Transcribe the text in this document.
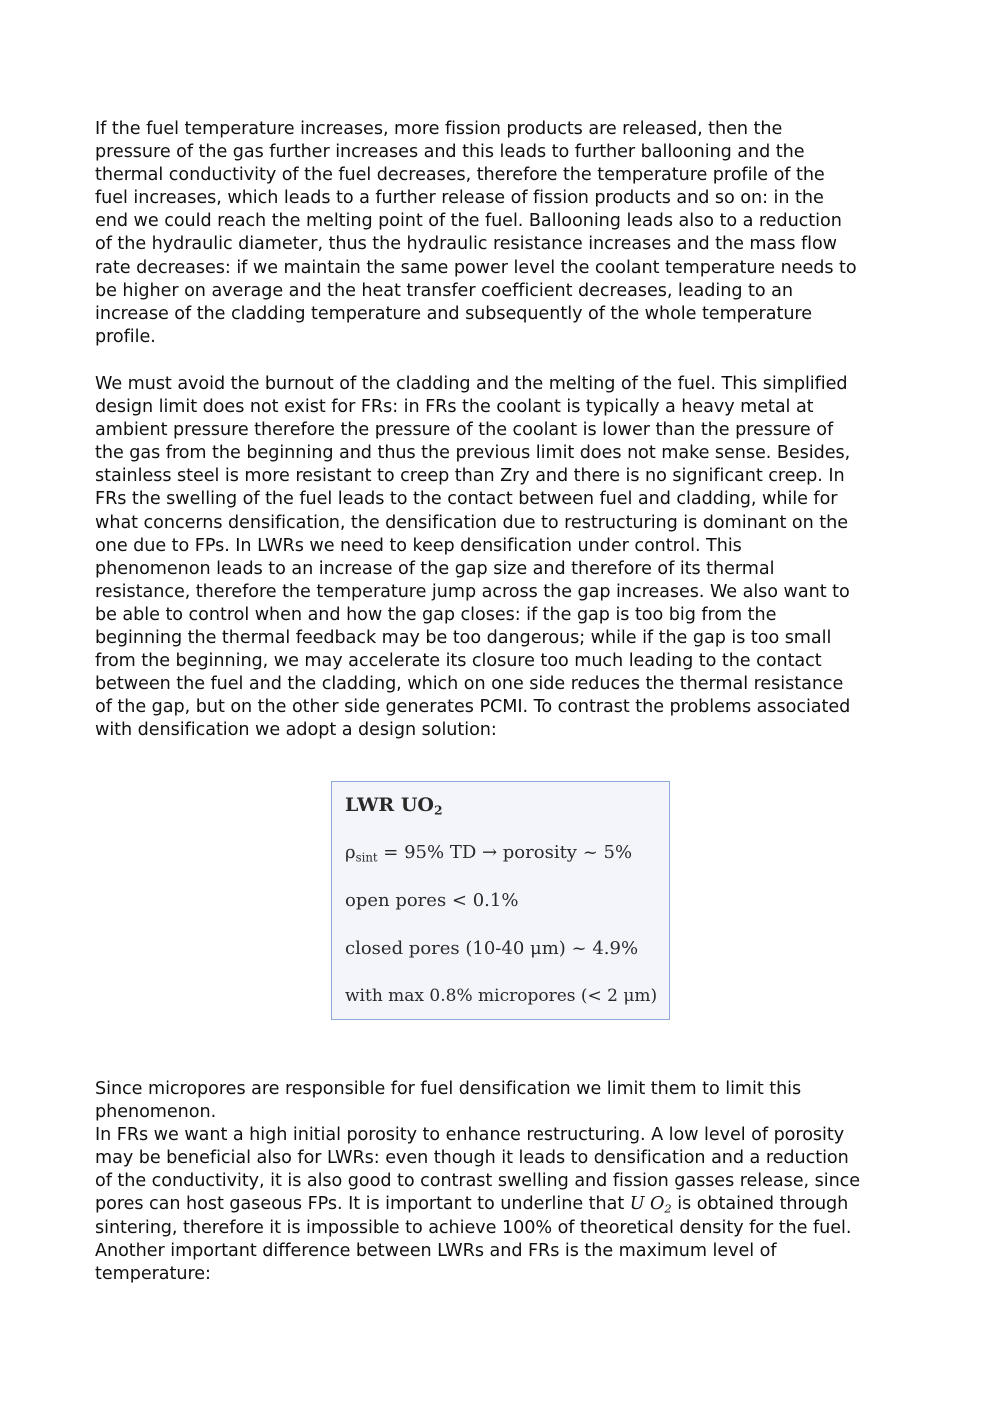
If the fuel temperature increases, more fission products are released, then the
pressure of the gas further increases and this leads to further ballooning and the
thermal conductivity of the fuel decreases, therefore the temperature profile of the
fuel increases, which leads to a further release of fission products and so on: in the
end we could reach the melting point of the fuel. Ballooning leads also to a reduction
of the hydraulic diameter, thus the hydraulic resistance increases and the mass flow
rate decreases: if we maintain the same power level the coolant temperature needs to
be higher on average and the heat transfer coefficient decreases, leading to an
increase of the cladding temperature and subsequently of the whole temperature
profile.
We must avoid the burnout of the cladding and the melting of the fuel. This simplified
design limit does not exist for FRs: in FRs the coolant is typically a heavy metal at
ambient pressure therefore the pressure of the coolant is lower than the pressure of
the gas from the beginning and thus the previous limit does not make sense. Besides,
stainless steel is more resistant to creep than Zry and there is no significant creep. In
FRs the swelling of the fuel leads to the contact between fuel and cladding, while for
what concerns densification, the densification due to restructuring is dominant on the
one due to FPs. In LWRs we need to keep densification under control. This
phenomenon leads to an increase of the gap size and therefore of its thermal
resistance, therefore the temperature jump across the gap increases. We also want to
be able to control when and how the gap closes: if the gap is too big from the
beginning the thermal feedback may be too dangerous; while if the gap is too small
from the beginning, we may accelerate its closure too much leading to the contact
between the fuel and the cladding, which on one side reduces the thermal resistance
of the gap, but on the other side generates PCMI. To contrast the problems associated
with densification we adopt a design solution:
LWR $UO_2$
$\rho_{sint} = 95\%$ TD → porosity ~ 5%
open pores < 0.1%
closed pores (10-40 μm) ~ 4.9%
with max 0.8% micropores (< 2 μm)
Since micropores are responsible for fuel densification we limit them to limit this
phenomenon.
In FRs we want a high initial porosity to enhance restructuring. A low level of porosity
may be beneficial also for LWRs: even though it leads to densification and a reduction
of the conductivity, it is also good to contrast swelling and fission gasses release, since
pores can host gaseous FPs. It is important to underline that U $O_2$ is obtained through
sintering, therefore it is impossible to achieve 100% of theoretical density for the fuel.
Another important difference between LWRs and FRs is the maximum level of
temperature:
